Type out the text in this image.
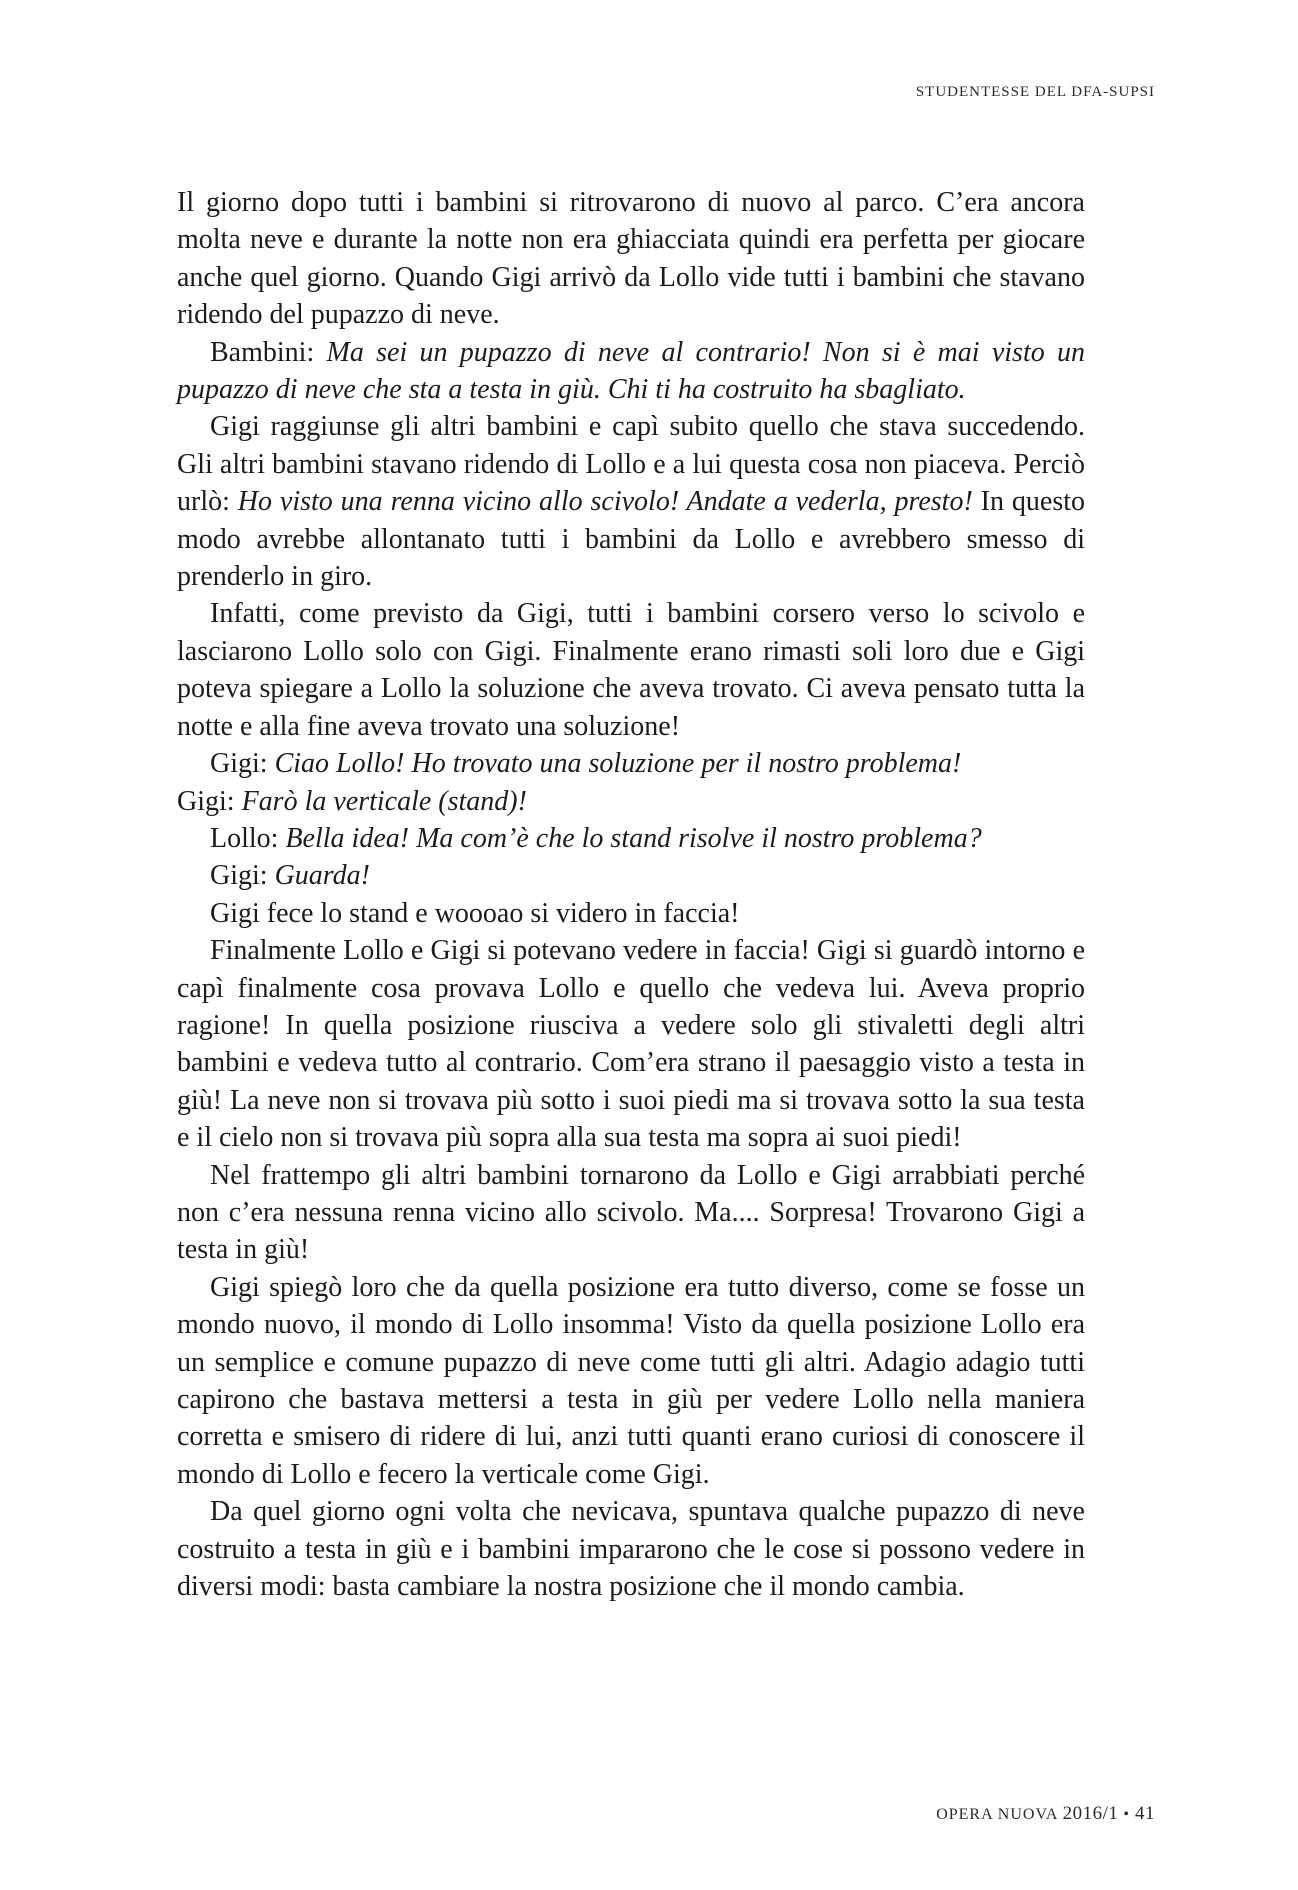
STUDENTESSE DEL DFA-SUPSI

Il giorno dopo tutti i bambini si ritrovarono di nuovo al parco. C’era ancora molta neve e durante la notte non era ghiacciata quindi era perfetta per giocare anche quel giorno. Quando Gigi arrivò da Lollo vide tutti i bambini che stavano ridendo del pupazzo di neve.

Bambini: Ma sei un pupazzo di neve al contrario! Non si è mai visto un pupazzo di neve che sta a testa in giù. Chi ti ha costruito ha sbagliato.

Gigi raggiunse gli altri bambini e capì subito quello che stava succedendo. Gli altri bambini stavano ridendo di Lollo e a lui questa cosa non piaceva. Perciò urlò: Ho visto una renna vicino allo scivolo! Andate a vederla, presto! In questo modo avrebbe allontanato tutti i bambini da Lollo e avrebbero smesso di prenderlo in giro.

Infatti, come previsto da Gigi, tutti i bambini corsero verso lo scivolo e lasciarono Lollo solo con Gigi. Finalmente erano rimasti soli loro due e Gigi poteva spiegare a Lollo la soluzione che aveva trovato. Ci aveva pensato tutta la notte e alla fine aveva trovato una soluzione!

Gigi: Ciao Lollo! Ho trovato una soluzione per il nostro problema!

Gigi: Farò la verticale (stand)!

Lollo: Bella idea! Ma com’è che lo stand risolve il nostro problema?

Gigi: Guarda!

Gigi fece lo stand e woooao si videro in faccia!

Finalmente Lollo e Gigi si potevano vedere in faccia! Gigi si guardò intorno e capì finalmente cosa provava Lollo e quello che vedeva lui. Aveva proprio ragione! In quella posizione riusciva a vedere solo gli stivaletti degli altri bambini e vedeva tutto al contrario. Com’era strano il paesaggio visto a testa in giù! La neve non si trovava più sotto i suoi piedi ma si trovava sotto la sua testa e il cielo non si trovava più sopra alla sua testa ma sopra ai suoi piedi!

Nel frattempo gli altri bambini tornarono da Lollo e Gigi arrabbiati perché non c’era nessuna renna vicino allo scivolo. Ma.... Sorpresa! Trovarono Gigi a testa in giù!

Gigi spiegò loro che da quella posizione era tutto diverso, come se fosse un mondo nuovo, il mondo di Lollo insomma! Visto da quella posizione Lollo era un semplice e comune pupazzo di neve come tutti gli altri. Adagio adagio tutti capirono che bastava mettersi a testa in giù per vedere Lollo nella maniera corretta e smisero di ridere di lui, anzi tutti quanti erano curiosi di conoscere il mondo di Lollo e fecero la verticale come Gigi.

Da quel giorno ogni volta che nevicava, spuntava qualche pupazzo di neve costruito a testa in giù e i bambini impararono che le cose si possono vedere in diversi modi: basta cambiare la nostra posizione che il mondo cambia.

OPERA NUOVA 2016/1 • 41
